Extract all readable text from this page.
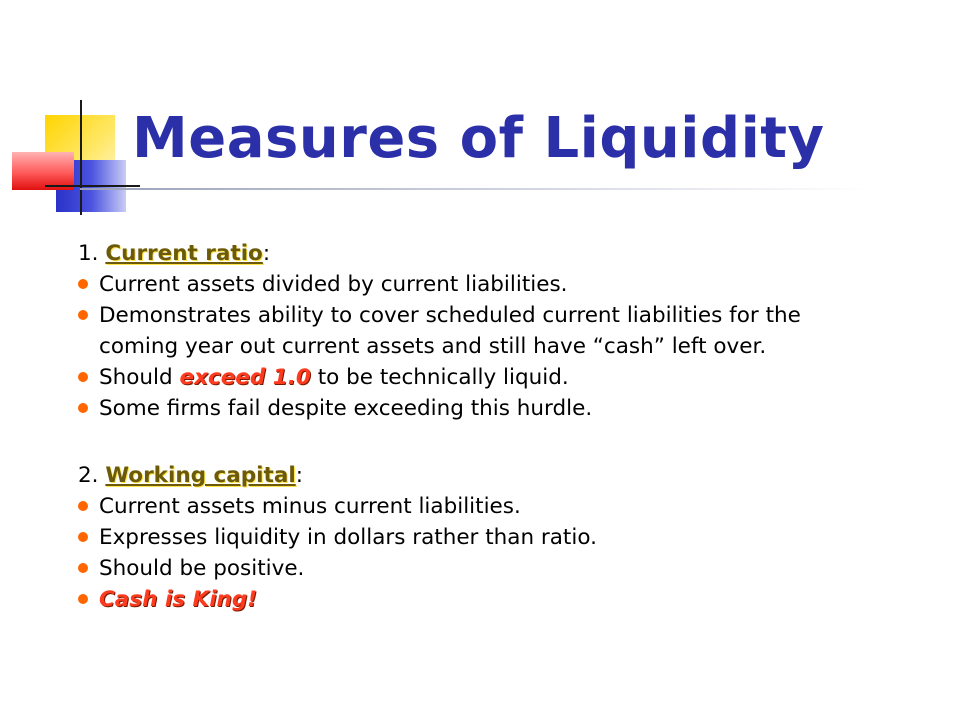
Measures of Liquidity
1. Current ratio:
Current assets divided by current liabilities.
Demonstrates ability to cover scheduled current liabilities for the
coming year out current assets and still have “cash” left over.
Should exceed 1.0 to be technically liquid.
Some firms fail despite exceeding this hurdle.
2. Working capital:
Current assets minus current liabilities.
Expresses liquidity in dollars rather than ratio.
Should be positive.
Cash is King!
